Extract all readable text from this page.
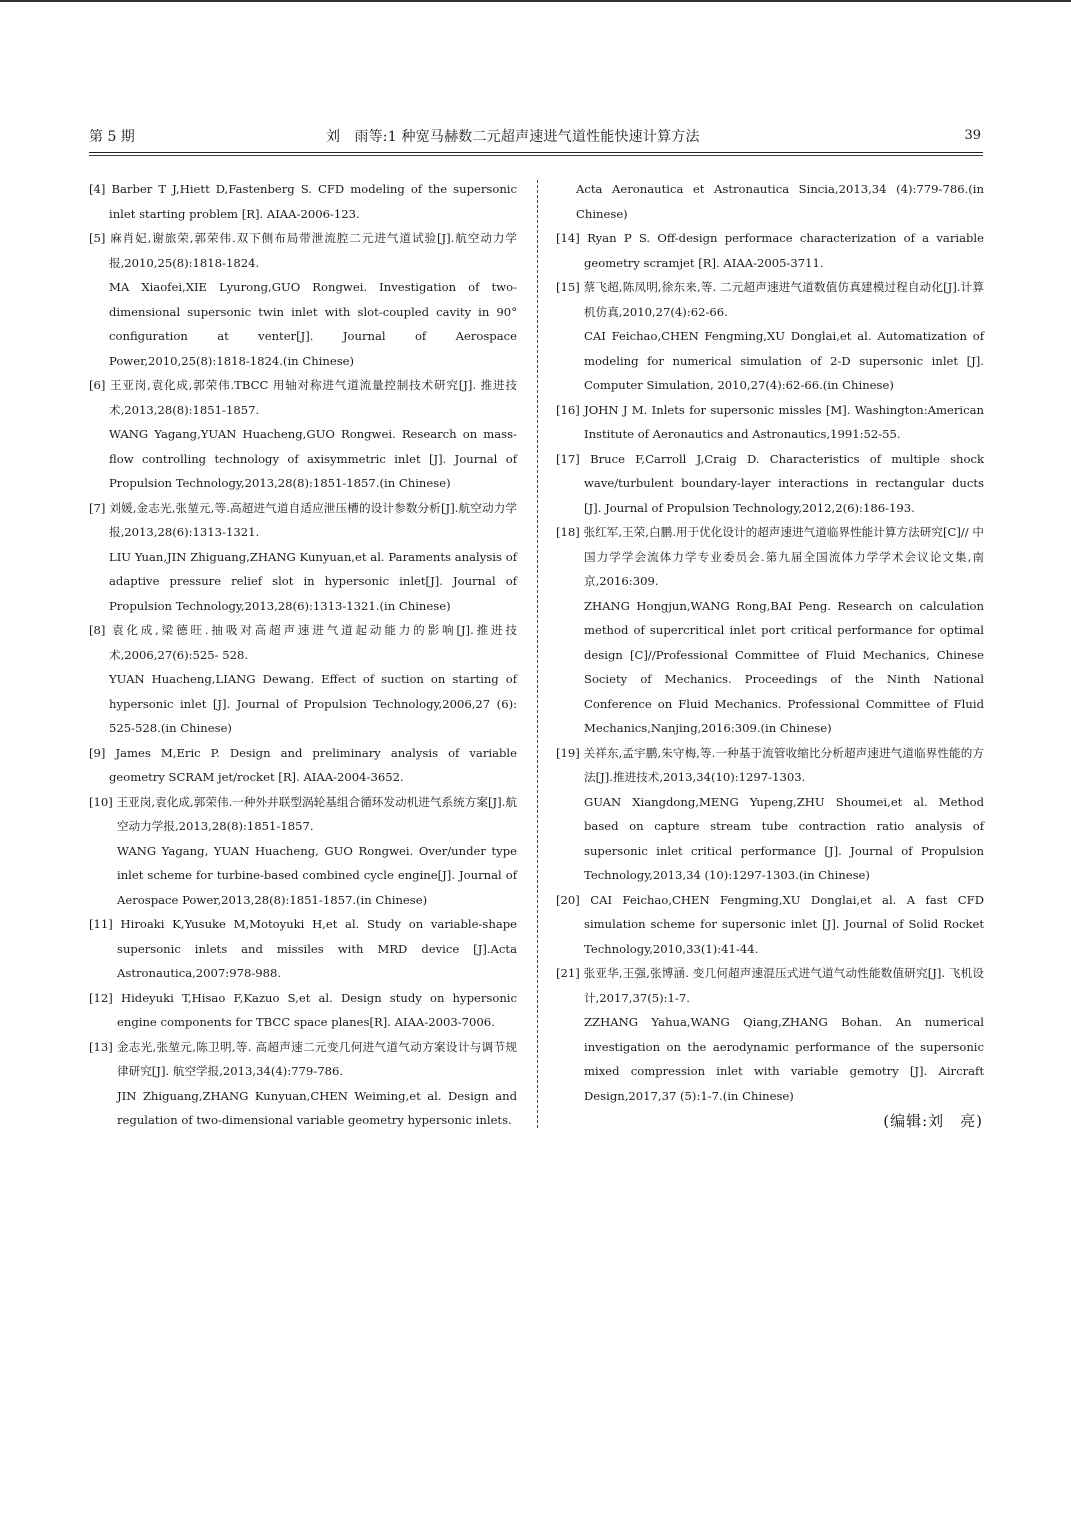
第 5 期	刘　雨等:1 种宽马赫数二元超声速进气道性能快速计算方法	39

[4] Barber T J,Hiett D,Fastenberg S. CFD modeling of the supersonic inlet starting problem [R]. AIAA-2006-123.

[5] 麻肖妃,谢旅荣,郭荣伟.双下侧布局带泄流腔二元进气道试验[J].航空动力学报,2010,25(8):1818-1824.

MA Xiaofei,XIE Lyurong,GUO Rongwei. Investigation of two-dimensional supersonic twin inlet with slot-coupled cavity in 90° configuration at venter[J]. Journal of Aerospace Power,2010,25(8):1818-1824.(in Chinese)

[6] 王亚岗,袁化成,郭荣伟.TBCC 用轴对称进气道流量控制技术研究[J]. 推进技术,2013,28(8):1851-1857.

WANG Yagang,YUAN Huacheng,GUO Rongwei. Research on mass-flow controlling technology of axisymmetric inlet [J]. Journal of Propulsion Technology,2013,28(8):1851-1857.(in Chinese)

[7] 刘媛,金志光,张堃元,等.高超进气道自适应泄压槽的设计参数分析[J].航空动力学报,2013,28(6):1313-1321.

LIU Yuan,JIN Zhiguang,ZHANG Kunyuan,et al. Paraments analysis of adaptive pressure relief slot in hypersonic inlet[J]. Journal of Propulsion Technology,2013,28(6):1313-1321.(in Chinese)

[8] 袁化成,梁德旺.抽吸对高超声速进气道起动能力的影响[J].推进技术,2006,27(6):525- 528.

YUAN Huacheng,LIANG Dewang. Effect of suction on starting of hypersonic inlet [J]. Journal of Propulsion Technology,2006,27 (6): 525-528.(in Chinese)

[9] James M,Eric P. Design and preliminary analysis of variable geometry SCRAM jet/rocket [R]. AIAA-2004-3652.

[10] 王亚岗,袁化成,郭荣伟.一种外并联型涡轮基组合循环发动机进气系统方案[J].航空动力学报,2013,28(8):1851-1857.

WANG Yagang, YUAN Huacheng, GUO Rongwei. Over/under type inlet scheme for turbine-based combined cycle engine[J]. Journal of Aerospace Power,2013,28(8):1851-1857.(in Chinese)

[11] Hiroaki K,Yusuke M,Motoyuki H,et al. Study on variable-shape supersonic inlets and missiles with MRD device [J].Acta Astronautica,2007:978-988.

[12] Hideyuki T,Hisao F,Kazuo S,et al. Design study on hypersonic engine components for TBCC space planes[R]. AIAA-2003-7006.

[13] 金志光,张堃元,陈卫明,等. 高超声速二元变几何进气道气动方案设计与调节规律研究[J]. 航空学报,2013,34(4):779-786.

JIN Zhiguang,ZHANG Kunyuan,CHEN Weiming,et al. Design and regulation of two-dimensional variable geometry hypersonic inlets.

Acta Aeronautica et Astronautica Sincia,2013,34 (4):779-786.(in Chinese)

[14] Ryan P S. Off-design performace characterization of a variable geometry scramjet [R]. AIAA-2005-3711.

[15] 蔡飞超,陈凤明,徐东来,等. 二元超声速进气道数值仿真建模过程自动化[J].计算机仿真,2010,27(4):62-66.

CAI Feichao,CHEN Fengming,XU Donglai,et al. Automatization of modeling for numerical simulation of 2-D supersonic inlet [J]. Computer Simulation, 2010,27(4):62-66.(in Chinese)

[16] JOHN J M. Inlets for supersonic missles [M]. Washington:American Institute of Aeronautics and Astronautics,1991:52-55.

[17] Bruce F,Carroll J,Craig D. Characteristics of multiple shock wave/turbulent boundary-layer interactions in rectangular ducts [J]. Journal of Propulsion Technology,2012,2(6):186-193.

[18] 张红军,王荣,白鹏.用于优化设计的超声速进气道临界性能计算方法研究[C]// 中国力学学会流体力学专业委员会.第九届全国流体力学学术会议论文集,南京,2016:309.

ZHANG Hongjun,WANG Rong,BAI Peng. Research on calculation method of supercritical inlet port critical performance for optimal design [C]//Professional Committee of Fluid Mechanics, Chinese Society of Mechanics. Proceedings of the Ninth National Conference on Fluid Mechanics. Professional Committee of Fluid Mechanics,Nanjing,2016:309.(in Chinese)

[19] 关祥东,孟宇鹏,朱守梅,等.一种基于流管收缩比分析超声速进气道临界性能的方法[J].推进技术,2013,34(10):1297-1303.

GUAN Xiangdong,MENG Yupeng,ZHU Shoumei,et al. Method based on capture stream tube contraction ratio analysis of supersonic inlet critical performance [J]. Journal of Propulsion Technology,2013,34 (10):1297-1303.(in Chinese)

[20] CAI Feichao,CHEN Fengming,XU Donglai,et al. A fast CFD simulation scheme for supersonic inlet [J]. Journal of Solid Rocket Technology,2010,33(1):41-44.

[21] 张亚华,王强,张博涵. 变几何超声速混压式进气道气动性能数值研究[J]. 飞机设计,2017,37(5):1-7.

ZZHANG Yahua,WANG Qiang,ZHANG Bohan. An numerical investigation on the aerodynamic performance of the supersonic mixed compression inlet with variable gemotry [J]. Aircraft Design,2017,37 (5):1-7.(in Chinese)

(编辑:刘　亮)
